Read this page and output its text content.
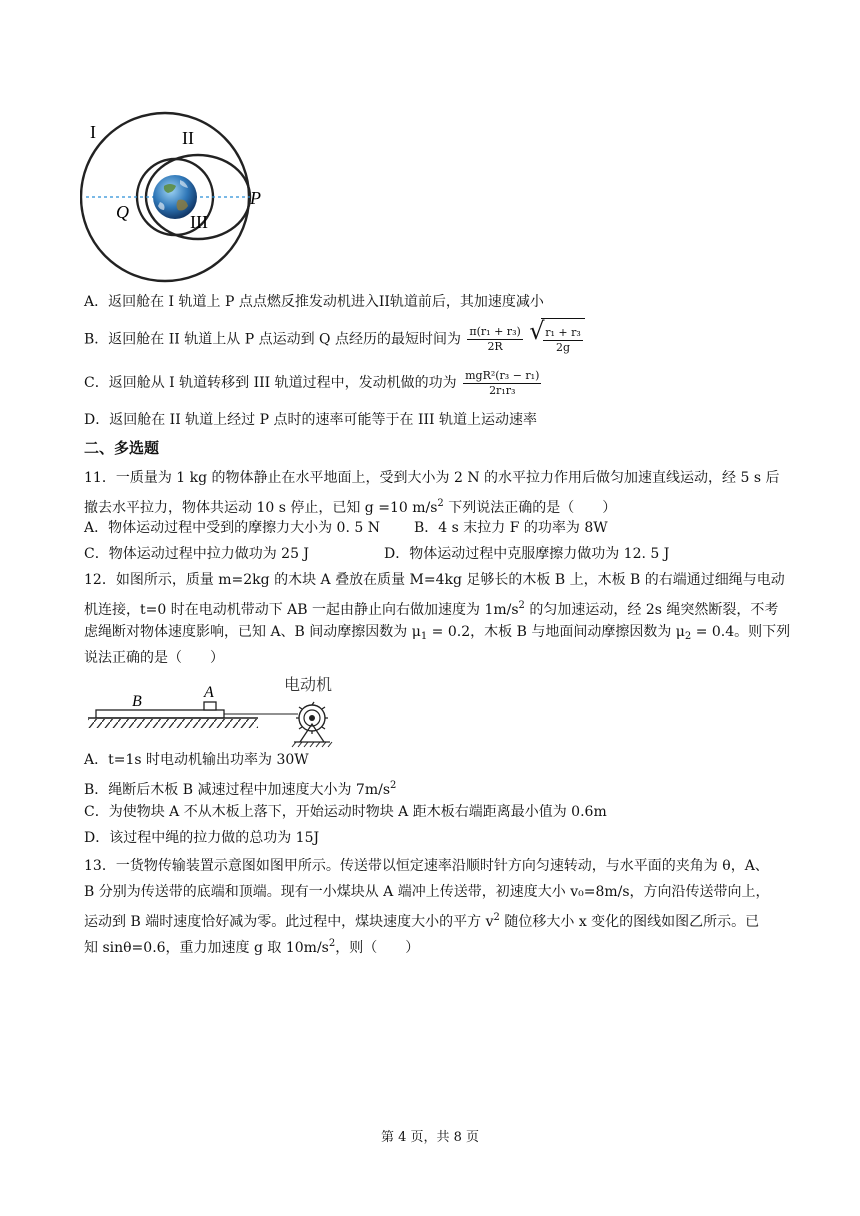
I	II
III
P
Q
A．返回舱在 I 轨道上 P 点点燃反推发动机进入II轨道前后，其加速度减小
B．返回舱在 II 轨道上从 P 点运动到 Q 点经历的最短时间为 $\frac{\text{π(r₁ + r₃)}}{2R}$

√ $\frac{\text{r₁ + r₃}}{2g}$
C．返回舱从 I 轨道转移到 III 轨道过程中，发动机做的功为 $\frac{\text{mgR²(r₃ − r₁)}}{\text{2r₁r₃}}$
D．返回舱在 II 轨道上经过 P 点时的速率可能等于在 III 轨道上运动速率
二、多选题
11．一质量为 1 kg 的物体静止在水平地面上，受到大小为 2 N 的水平拉力作用后做匀加速直线运动，经 5 s 后
撤去水平拉力，物体共运动 10 s 停止，已知 g =10 $m/s^2$ 下列说法正确的是（　　）
A．物体运动过程中受到的摩擦力大小为 0. 5 N B．4 s 末拉力 F 的功率为 8W
C．物体运动过程中拉力做功为 25 J	D．物体运动过程中克服摩擦力做功为 12. 5 J
12．如图所示，质量 m=2kg 的木块 A 叠放在质量 M=4kg 足够长的木板 B 上，木板 B 的右端通过细绳与电动
机连接，t=0 时在电动机带动下 AB 一起由静止向右做加速度为 $1m/s^2$ 的匀加速运动，经 2s 绳突然断裂，不考
虑绳断对物体速度影响，已知 A、B 间动摩擦因数为 $\mu_1 = 0.2$，木板 B 与地面间动摩擦因数为 $\mu_2 = 0.4$。则下列
说法正确的是（　　）
B
A	电动机
A．t=1s 时电动机输出功率为 30W
B．绳断后木板 B 减速过程中加速度大小为 $7m/s^2$
C．为使物块 A 不从木板上落下，开始运动时物块 A 距木板右端距离最小值为 0.6m
D．该过程中绳的拉力做的总功为 15J
13．一货物传输装置示意图如图甲所示。传送带以恒定速率沿顺时针方向匀速转动，与水平面的夹角为 θ，A、
B 分别为传送带的底端和顶端。现有一小煤块从 A 端冲上传送带，初速度大小 v₀=8m/s，方向沿传送带向上，
运动到 B 端时速度恰好减为零。此过程中，煤块速度大小的平方 $v^2$ 随位移大小 x 变化的图线如图乙所示。已
知 sinθ=0.6，重力加速度 g 取 $10m/s^2$，则（　　）
第 4 页，共 8 页
